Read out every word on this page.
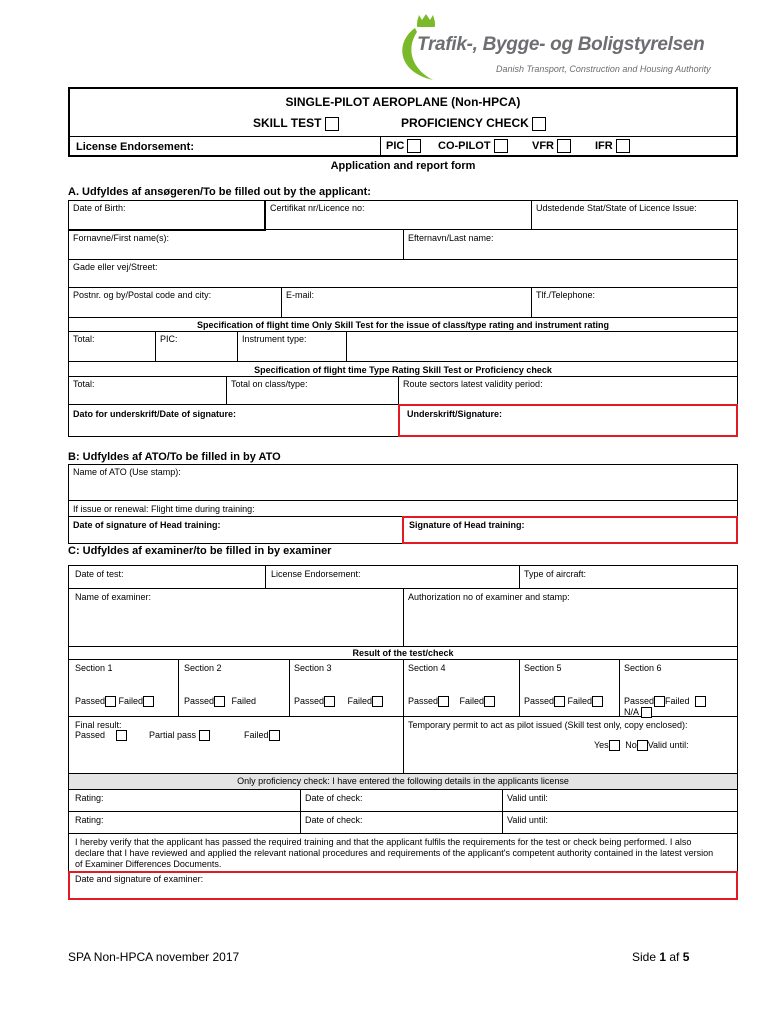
Trafik-, Bygge- og Boligstyrelsen
Danish Transport, Construction and Housing Authority
SINGLE-PILOT AEROPLANE (Non-HPCA)
SKILL TEST	PROFICIENCY CHECK
License Endorsement:	PIC	CO-PILOT	VFR	IFR
Application and report form
A. Udfyldes af ansøgeren/To be filled out by the applicant:
Date of Birth:	Certifikat nr/Licence no:	Udstedende Stat/State of Licence Issue:
Fornavne/First name(s):	Efternavn/Last name:
Gade eller vej/Street:
Postnr. og by/Postal code and city:	E-mail:	Tlf./Telephone:
Specification of flight time Only Skill Test for the issue of class/type rating and instrument rating
Total:	PIC:	Instrument type:
Specification of flight time Type Rating Skill Test or Proficiency check
Total:	Total on class/type:	Route sectors latest validity period:
Dato for underskrift/Date of signature:	Underskrift/Signature:
B: Udfyldes af ATO/To be filled in by ATO
Name of ATO (Use stamp):
If issue or renewal: Flight time during training:
Date of signature of Head training:	Signature of Head training:
C: Udfyldes af examiner/to be filled in by examiner
Date of test:	License Endorsement:	Type of aircraft:
Name of examiner:	Authorization no of examiner and stamp:
Result of the test/check
Section 1	Section 2	Section 3	Section 4	Section 5	Section 6
Passed Failed	Passed Failed	Passed	Failed	Passed Failed	Passed Failed	Passed Failed
N/A
Final result:
Passed	Partial pass	Failed
Temporary permit to act as pilot issued (Skill test only, copy enclosed):
Yes No Valid until:
Only proficiency check: I have entered the following details in the applicants license
Rating:	Date of check:	Valid until:
Rating:	Date of check:	Valid until:
I hereby verify that the applicant has passed the required training and that the applicant fulfils the requirements for the test or check being performed. I also declare that I have reviewed and applied the relevant national procedures and requirements of the applicant's competent authority contained in the latest version of Examiner Differences Documents.
Date and signature of examiner:
SPA Non-HPCA november 2017	Side 1 af 5
